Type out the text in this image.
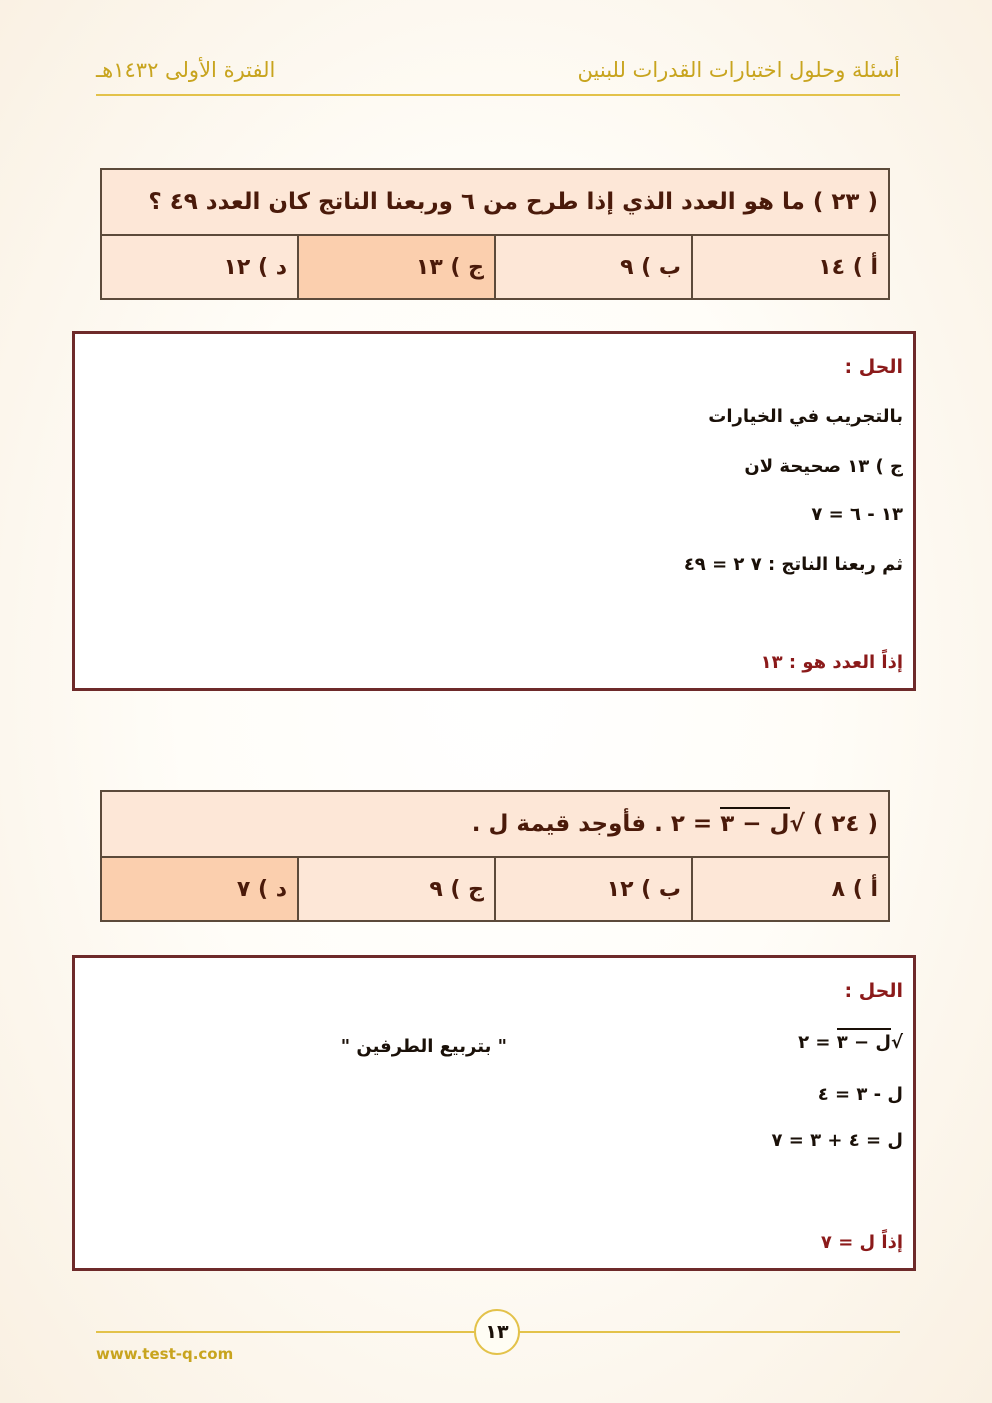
أسئلة وحلول اختبارات القدرات للبنين
الفترة الأولى ١٤٣٢هـ
( ٢٣ ) ما هو العدد الذي إذا طرح من ٦ وربعنا الناتج كان العدد ٤٩ ؟
أ ) ١٤	ب ) ٩	ج ) ١٣	د ) ١٢
الحل :
بالتجريب في الخيارات
ج ) ١٣ صحيحة لان
١٣ - ٦ = ٧
ثم ربعنا الناتج : ٧ ٢ = ٤٩
إذاً العدد هو : ١٣
( ٢٤ ) √ل − ٣ = ٢ . فأوجد قيمة ل .
أ ) ٨	ب ) ١٢	ج ) ٩	د ) ٧
الحل :
√ل − ٣ = ٢
" بتربيع الطرفين "
ل - ٣ = ٤
ل = ٤ + ٣ = ٧
إذاً ل = ٧
١٣
www.test-q.com
